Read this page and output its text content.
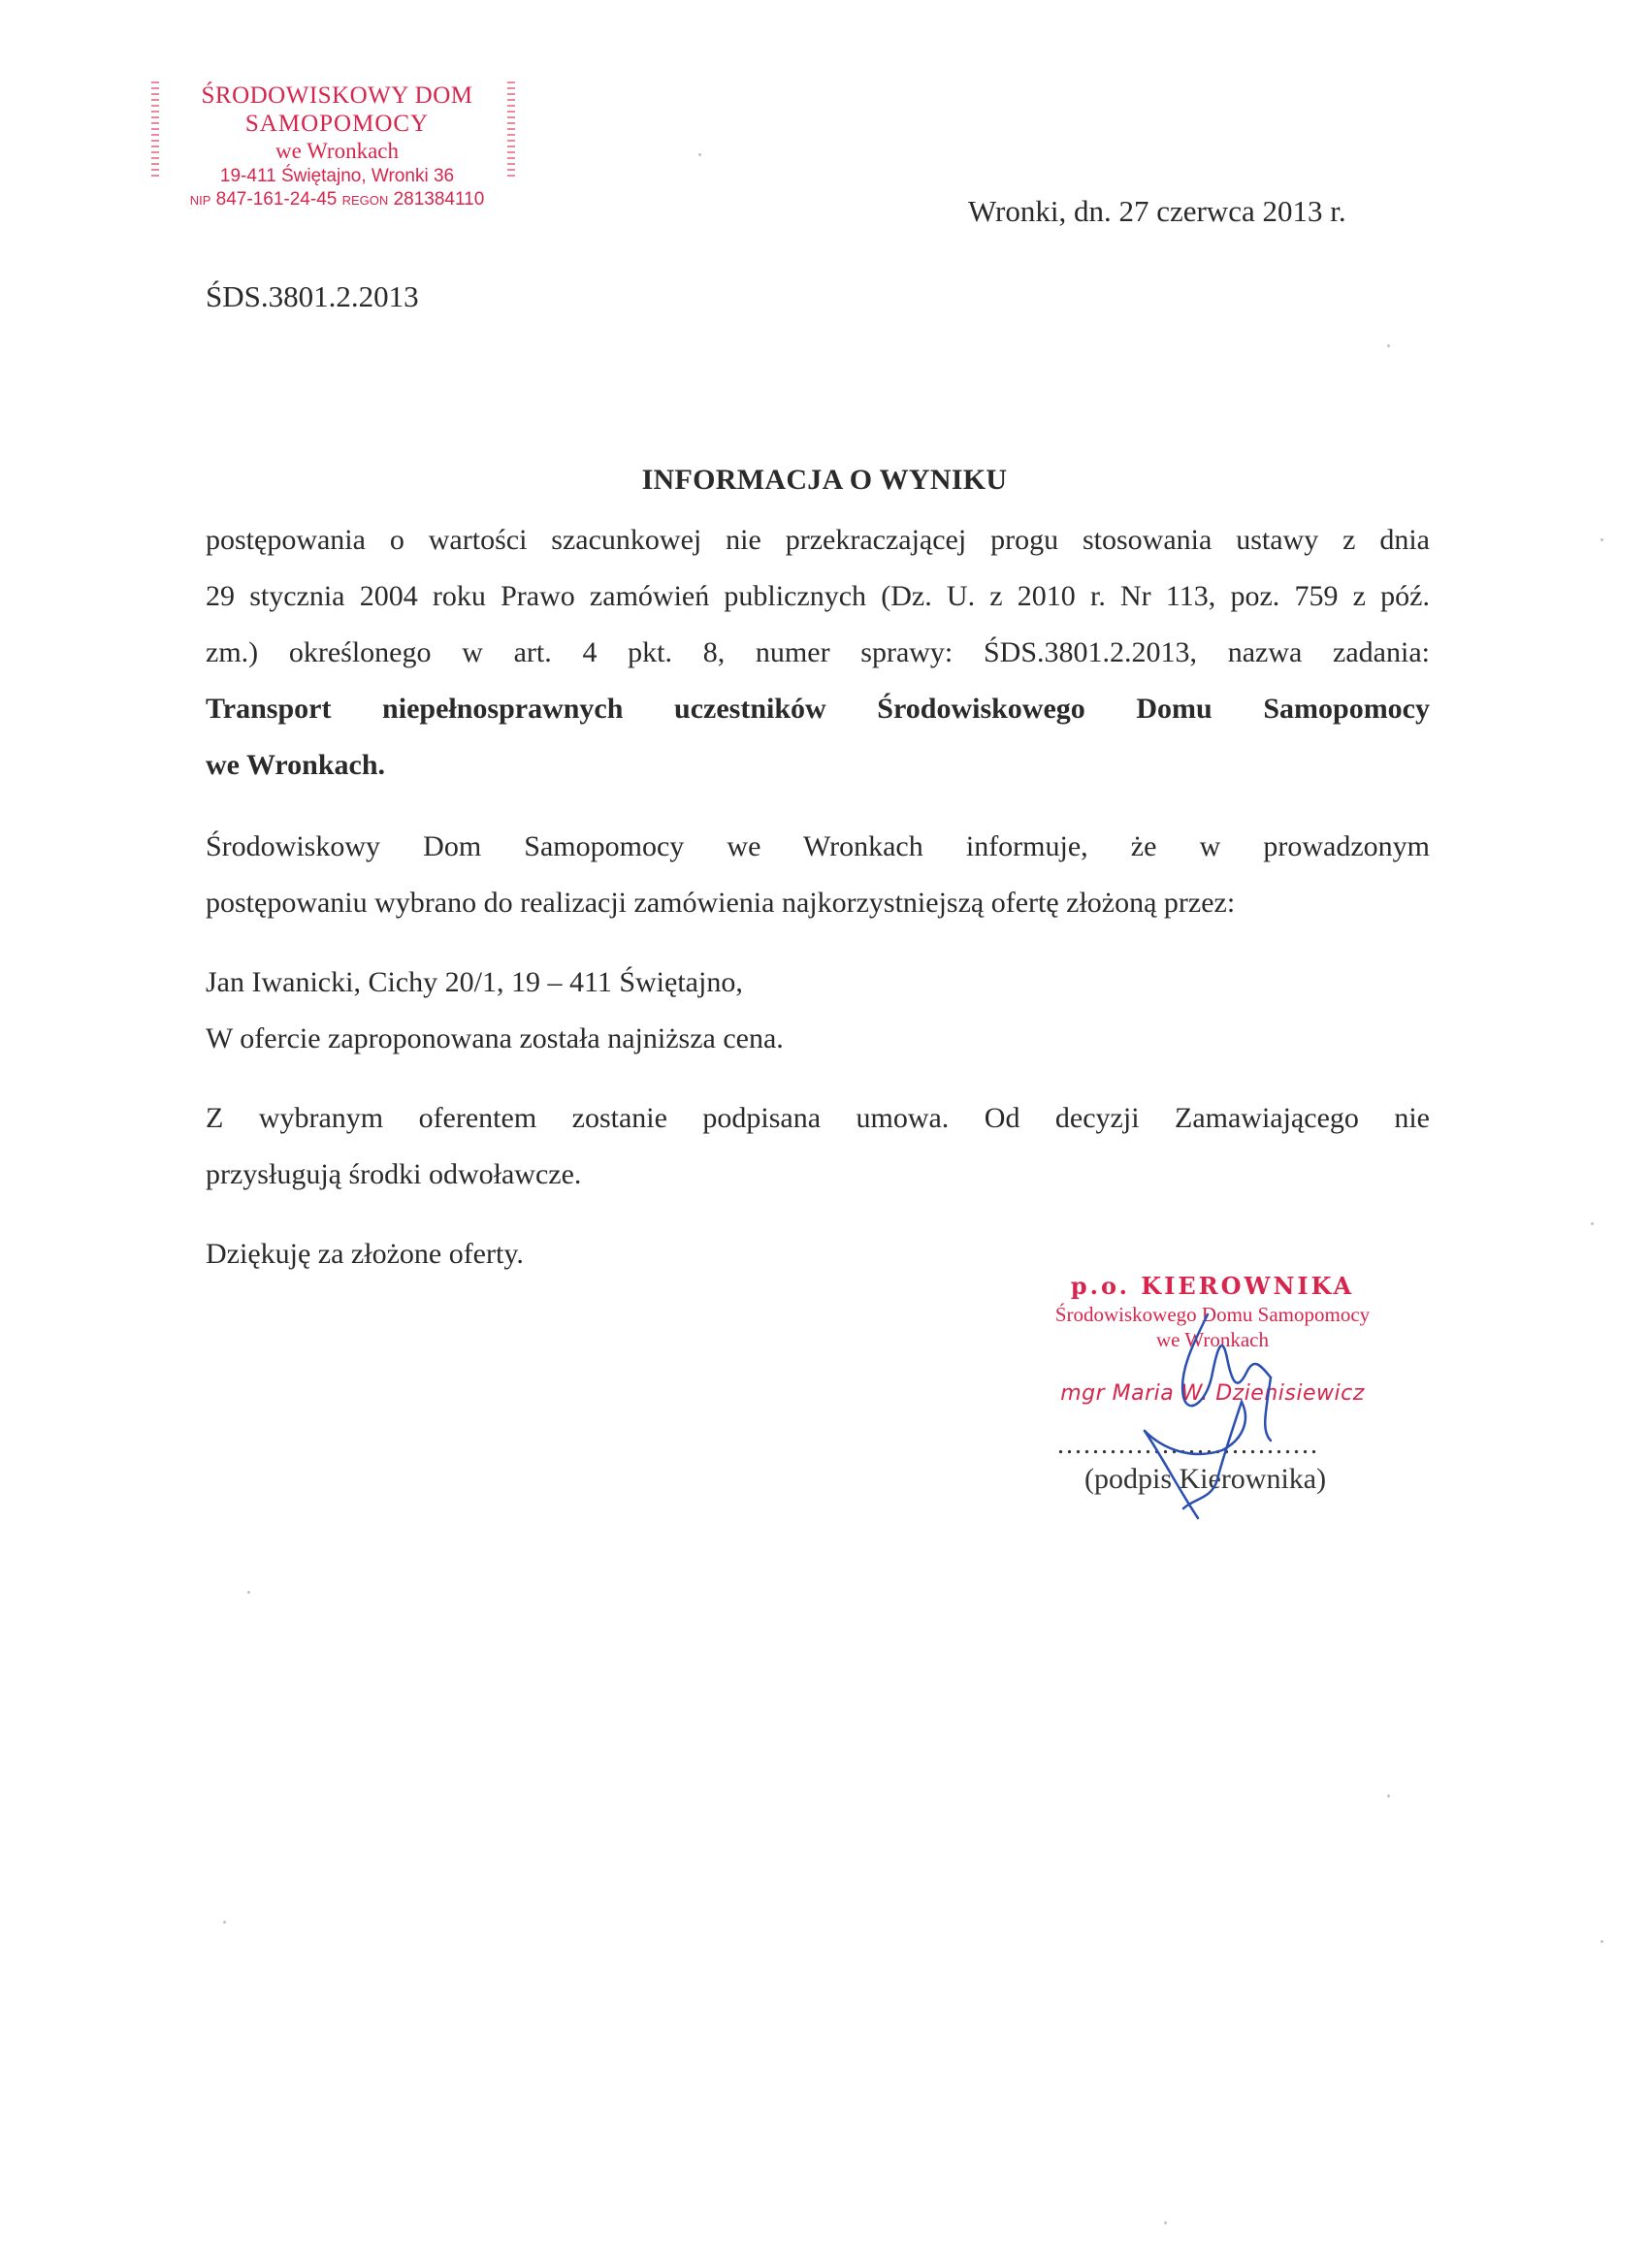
ŚRODOWISKOWY DOM
SAMOPOMOCY
we Wronkach
19-411 Świętajno, Wronki 36
NIP 847-161-24-45 REGON 281384110	Wronki, dn. 27 czerwca 2013 r.
ŚDS.3801.2.2013
INFORMACJA O WYNIKU
postępowania o wartości szacunkowej nie przekraczającej progu stosowania ustawy z dnia
29 stycznia 2004 roku Prawo zamówień publicznych (Dz. U. z 2010 r. Nr 113, poz. 759 z póź.
zm.) określonego w art. 4 pkt. 8, numer sprawy: ŚDS.3801.2.2013, nazwa zadania:
Transport niepełnosprawnych uczestników Środowiskowego Domu Samopomocy
we Wronkach.
Środowiskowy Dom Samopomocy we Wronkach informuje, że w prowadzonym
postępowaniu wybrano do realizacji zamówienia najkorzystniejszą ofertę złożoną przez:
Jan Iwanicki, Cichy 20/1, 19 – 411 Świętajno,
W ofercie zaproponowana została najniższa cena.
Z wybranym oferentem zostanie podpisana umowa. Od decyzji Zamawiającego nie
przysługują środki odwoławcze.
Dziękuję za złożone oferty.
p.o. KIEROWNIKA
Środowiskowego Domu Samopomocy
we Wronkach
mgr Maria W. Dzienisiewicz
..............................
(podpis Kierownika)
